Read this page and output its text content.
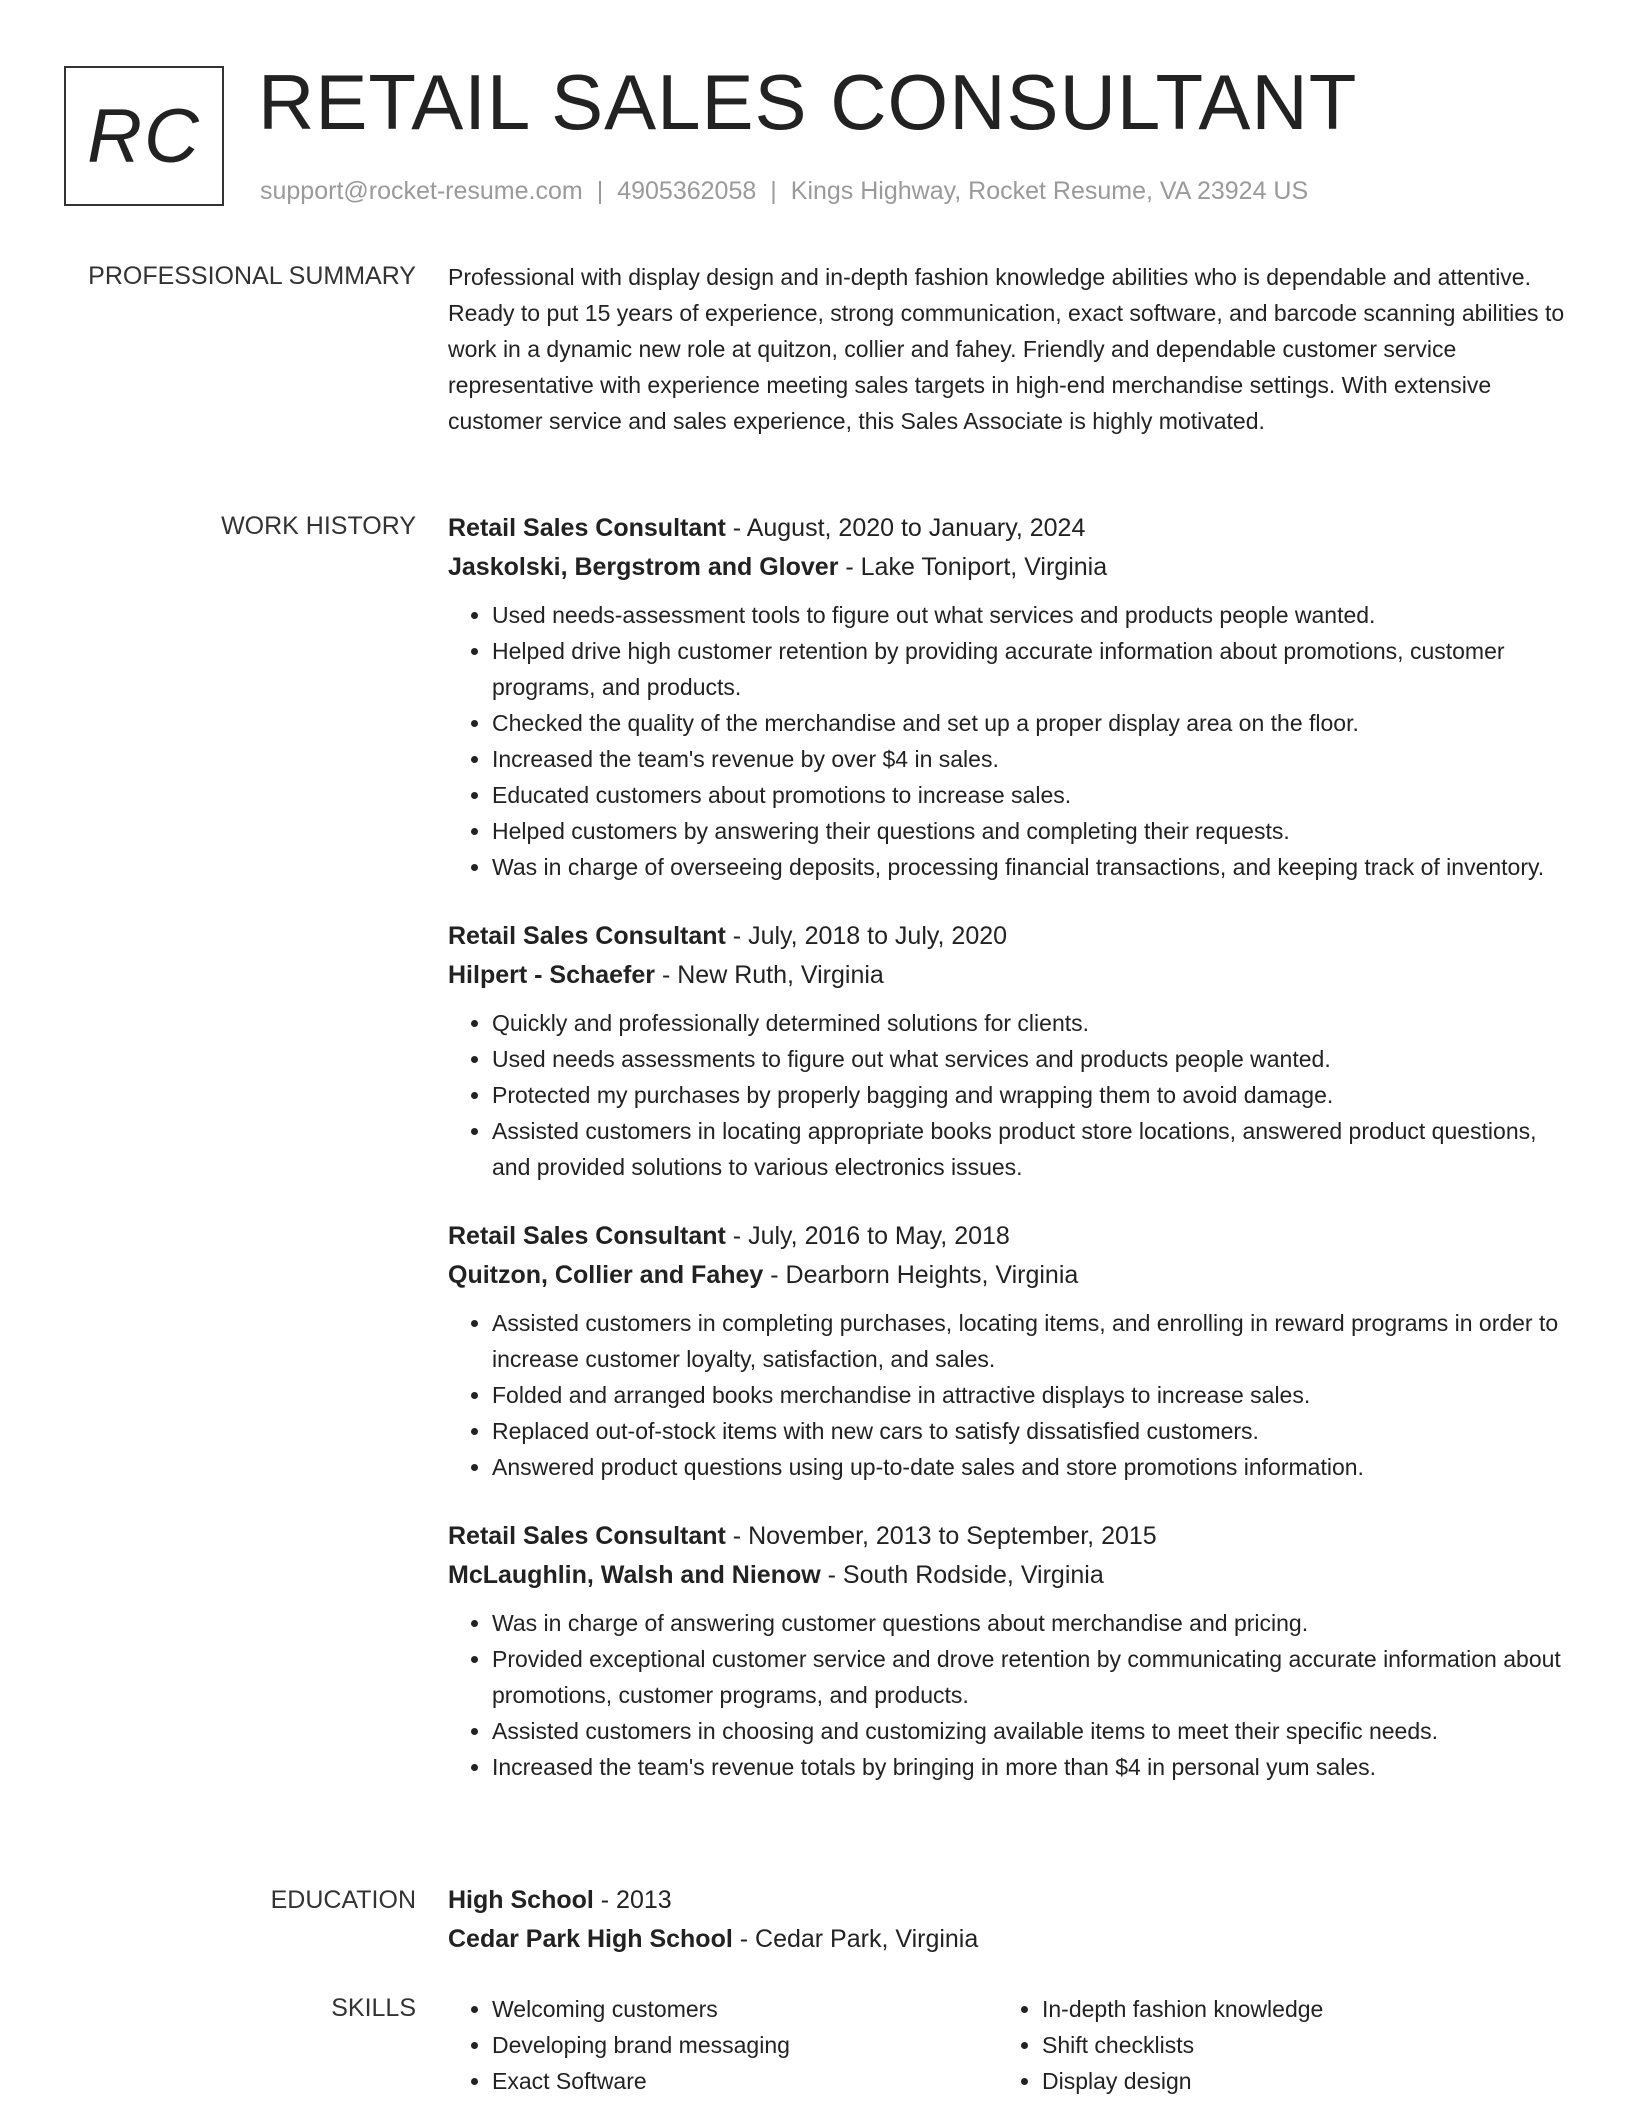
RC RETAIL SALES CONSULTANT
support@rocket-resume.com | 4905362058 | Kings Highway, Rocket Resume, VA 23924 US
PROFESSIONAL SUMMARY Professional with display design and in-depth fashion knowledge abilities who is dependable and attentive. Ready to put 15 years of experience, strong communication, exact software, and barcode scanning abilities to work in a dynamic new role at quitzon, collier and fahey. Friendly and dependable customer service representative with experience meeting sales targets in high-end merchandise settings. With extensive customer service and sales experience, this Sales Associate is highly motivated.

WORK HISTORY Retail Sales Consultant - August, 2020 to January, 2024
Jaskolski, Bergstrom and Glover - Lake Toniport, Virginia
• Used needs-assessment tools to figure out what services and products people wanted.
• Helped drive high customer retention by providing accurate information about promotions, customer programs, and products.
• Checked the quality of the merchandise and set up a proper display area on the floor.
• Increased the team's revenue by over $4 in sales.
• Educated customers about promotions to increase sales.
• Helped customers by answering their questions and completing their requests.
• Was in charge of overseeing deposits, processing financial transactions, and keeping track of inventory.
Retail Sales Consultant - July, 2018 to July, 2020
Hilpert - Schaefer - New Ruth, Virginia
• Quickly and professionally determined solutions for clients.
• Used needs assessments to figure out what services and products people wanted.
• Protected my purchases by properly bagging and wrapping them to avoid damage.
• Assisted customers in locating appropriate books product store locations, answered product questions, and provided solutions to various electronics issues.
Retail Sales Consultant - July, 2016 to May, 2018
Quitzon, Collier and Fahey - Dearborn Heights, Virginia
• Assisted customers in completing purchases, locating items, and enrolling in reward programs in order to increase customer loyalty, satisfaction, and sales.
• Folded and arranged books merchandise in attractive displays to increase sales.
• Replaced out-of-stock items with new cars to satisfy dissatisfied customers.
• Answered product questions using up-to-date sales and store promotions information.
Retail Sales Consultant - November, 2013 to September, 2015
McLaughlin, Walsh and Nienow - South Rodside, Virginia
• Was in charge of answering customer questions about merchandise and pricing.
• Provided exceptional customer service and drove retention by communicating accurate information about promotions, customer programs, and products.
• Assisted customers in choosing and customizing available items to meet their specific needs.
• Increased the team's revenue totals by bringing in more than $4 in personal yum sales.
EDUCATION High School - 2013
Cedar Park High School - Cedar Park, Virginia
SKILLS
•	Welcoming customers
• Developing brand messaging
• Exact Software
• In-depth fashion knowledge
• Shift checklists
• Display design
